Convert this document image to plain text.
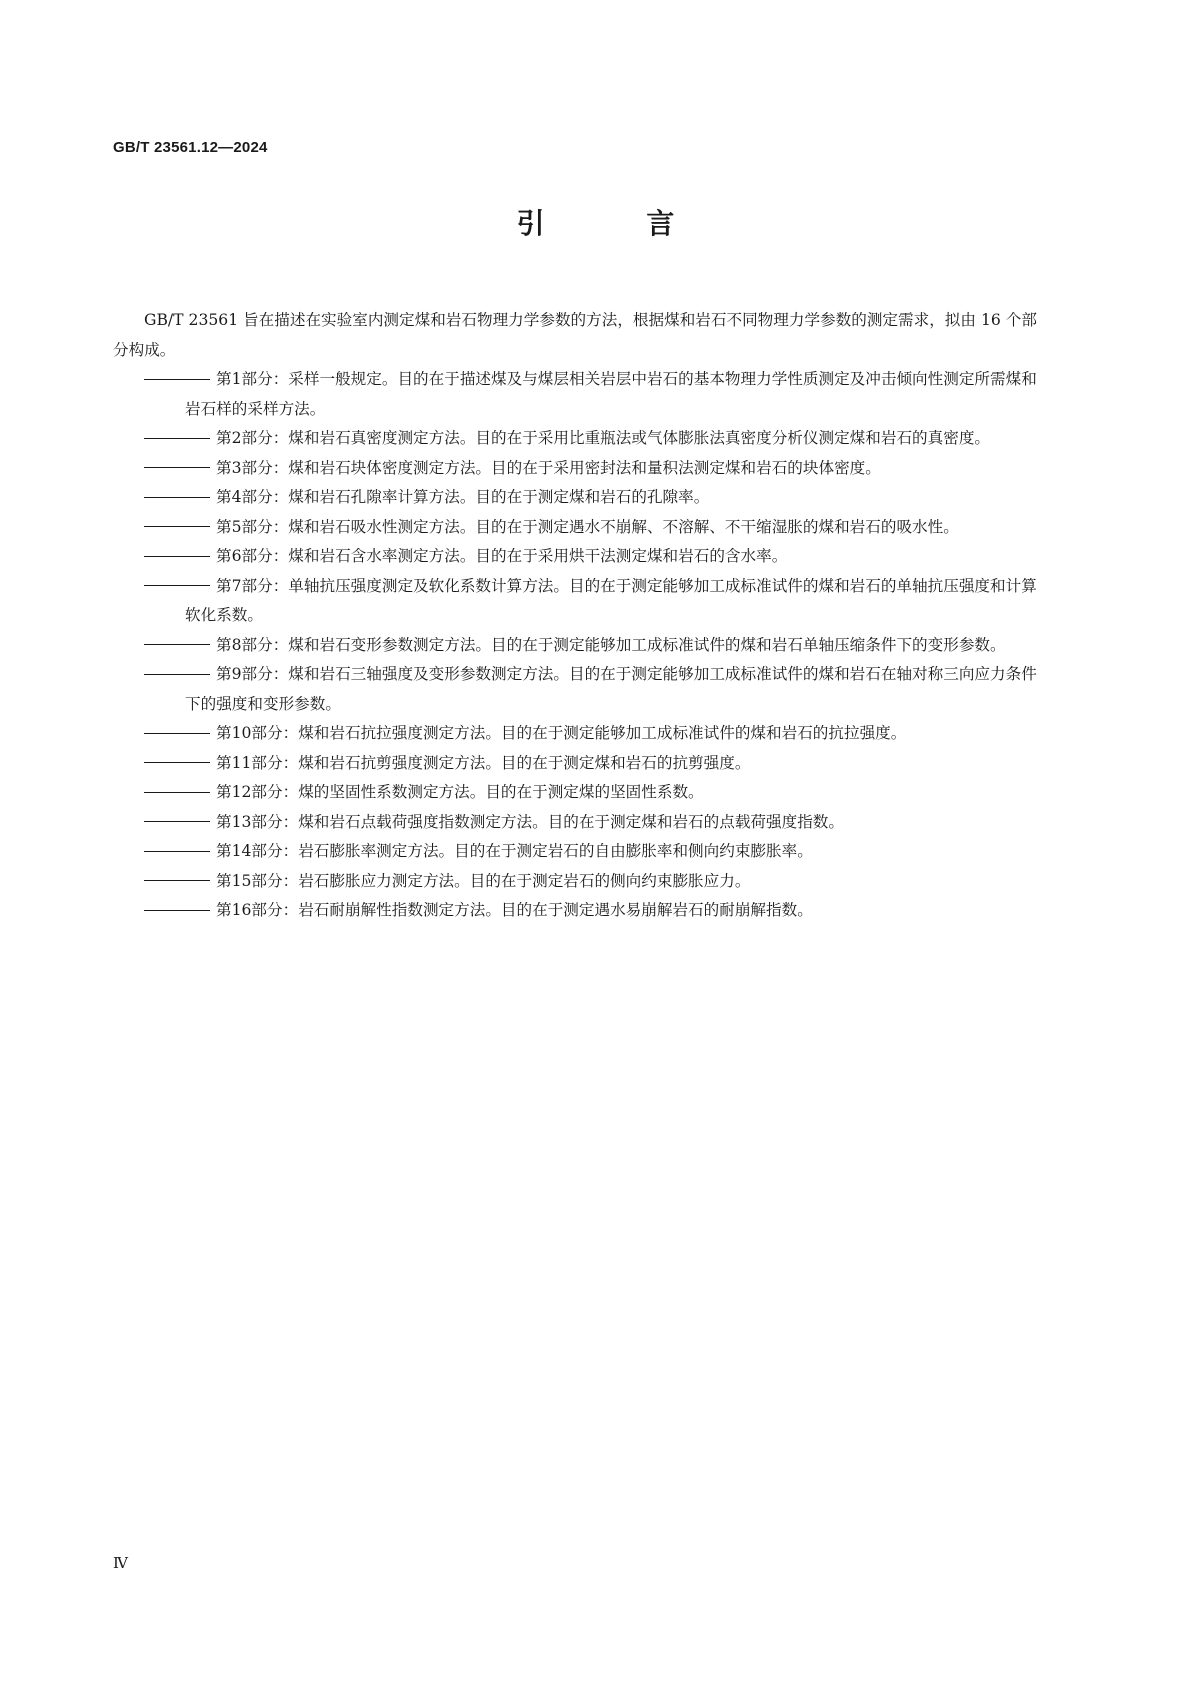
GB/T 23561.12—2024
引 言

GB/T 23561 旨在描述在实验室内测定煤和岩石物理力学参数的方法，根据煤和岩石不同物理力学参数的测定需求，拟由 16 个部分构成。

第1部分：采样一般规定。目的在于描述煤及与煤层相关岩层中岩石的基本物理力学性质测定及冲击倾向性测定所需煤和岩石样的采样方法。
第2部分：煤和岩石真密度测定方法。目的在于采用比重瓶法或气体膨胀法真密度分析仪测定煤和岩石的真密度。
第3部分：煤和岩石块体密度测定方法。目的在于采用密封法和量积法测定煤和岩石的块体密度。
第4部分：煤和岩石孔隙率计算方法。目的在于测定煤和岩石的孔隙率。
第5部分：煤和岩石吸水性测定方法。目的在于测定遇水不崩解、不溶解、不干缩湿胀的煤和岩石的吸水性。
第6部分：煤和岩石含水率测定方法。目的在于采用烘干法测定煤和岩石的含水率。
第7部分：单轴抗压强度测定及软化系数计算方法。目的在于测定能够加工成标准试件的煤和岩石的单轴抗压强度和计算软化系数。
第8部分：煤和岩石变形参数测定方法。目的在于测定能够加工成标准试件的煤和岩石单轴压缩条件下的变形参数。
第9部分：煤和岩石三轴强度及变形参数测定方法。目的在于测定能够加工成标准试件的煤和岩石在轴对称三向应力条件下的强度和变形参数。
第10部分：煤和岩石抗拉强度测定方法。目的在于测定能够加工成标准试件的煤和岩石的抗拉强度。
第11部分：煤和岩石抗剪强度测定方法。目的在于测定煤和岩石的抗剪强度。
第12部分：煤的坚固性系数测定方法。目的在于测定煤的坚固性系数。
第13部分：煤和岩石点载荷强度指数测定方法。目的在于测定煤和岩石的点载荷强度指数。
第14部分：岩石膨胀率测定方法。目的在于测定岩石的自由膨胀率和侧向约束膨胀率。
第15部分：岩石膨胀应力测定方法。目的在于测定岩石的侧向约束膨胀应力。
第16部分：岩石耐崩解性指数测定方法。目的在于测定遇水易崩解岩石的耐崩解指数。
Ⅳ
